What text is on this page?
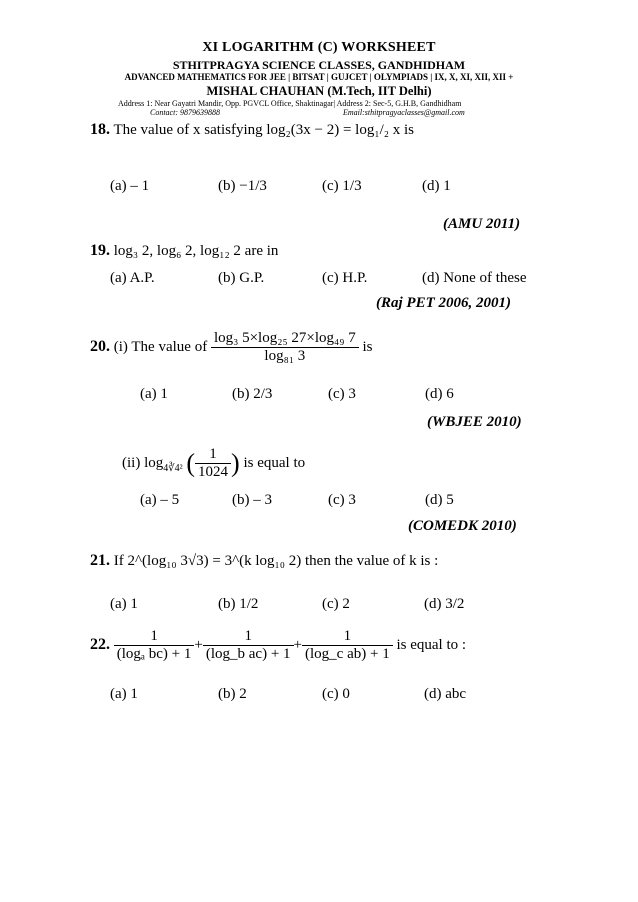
XI LOGARITHM (C) WORKSHEET
STHITPRAGYA SCIENCE CLASSES, GANDHIDHAM
ADVANCED MATHEMATICS FOR JEE | BITSAT | GUJCET | OLYMPIADS | IX, X, XI, XII, XII +
MISHAL CHAUHAN (M.Tech, IIT Delhi)
Address 1: Near Gayatri Mandir, Opp. PGVCL Office, Shaktinagar| Address 2: Sec-5, G.H.B, Gandhidham
Contact: 9879639888	Email:sthitpragyaclasses@gmail.com
18. The value of x satisfying log₂(3x − 2) = log₁/₂ x is
(a) – 1	(b) −1/3	(c) 1/3	(d) 1
(AMU 2011)
19. log₃ 2, log₆ 2, log₁₂ 2 are in
(a) A.P.	(b) G.P.	(c) H.P.	(d) None of these
(Raj PET 2006, 2001)
20. (i) The value of $\frac{\text{log₃ 5×log₂₅ 27×log₄₉ 7}}{\text{log₈₁ 3}}$ is
(a) 1	(b) 2/3	(c) 3	(d) 6
(WBJEE 2010)
(ii) $\log_{4∛4^2}$ ( $\frac{1}{1024}$ ) is equal to
(a) – 5	(b) – 3	(c) 3	(d) 5
(COMEDK 2010)
21. If 2^(log₁₀ 3√3) = 3^(k log₁₀ 2) then the value of k is :
(a) 1	(b) 1/2	(c) 2	(d) 3/2
22. $\frac{1}{\text{(logₐ bc) + 1}} + \frac{1}{\text{(log\_b ac) + 1}} + \frac{1}{\text{(log\_c ab) + 1}}$ is equal to :
(a) 1	(b) 2	(c) 0	(d) abc
